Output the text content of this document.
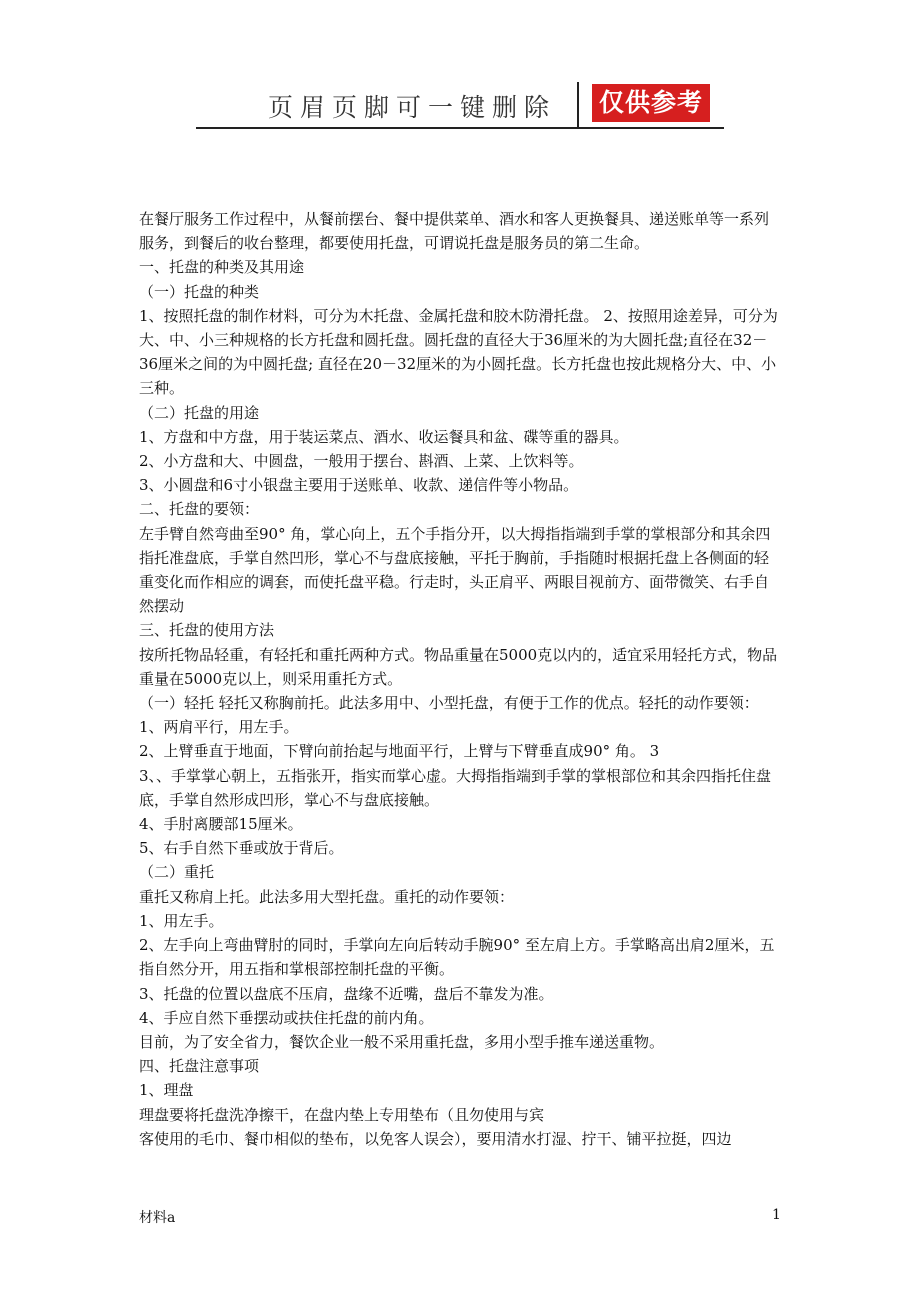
页眉页脚可一键删除 仅供参考

在餐厅服务工作过程中，从餐前摆台、餐中提供菜单、酒水和客人更换餐具、递送账单等一系列服务，到餐后的收台整理，都要使用托盘，可谓说托盘是服务员的第二生命。

一、托盘的种类及其用途

（一）托盘的种类

1、按照托盘的制作材料，可分为木托盘、金属托盘和胶木防滑托盘。 2、按照用途差异，可分为大、中、小三种规格的长方托盘和圆托盘。圆托盘的直径大于36厘米的为大圆托盘;直径在32－36厘米之间的为中圆托盘; 直径在20－32厘米的为小圆托盘。长方托盘也按此规格分大、中、小三种。

（二）托盘的用途

1、方盘和中方盘，用于装运菜点、酒水、收运餐具和盆、碟等重的器具。

2、小方盘和大、中圆盘，一般用于摆台、斟酒、上菜、上饮料等。

3、小圆盘和6寸小银盘主要用于送账单、收款、递信件等小物品。

二、托盘的要领：

左手臂自然弯曲至90° 角，掌心向上，五个手指分开，以大拇指指端到手掌的掌根部分和其余四指托准盘底，手掌自然凹形，掌心不与盘底接触，平托于胸前，手指随时根据托盘上各侧面的轻重变化而作相应的调套，而使托盘平稳。行走时，头正肩平、两眼目视前方、面带微笑、右手自然摆动

三、托盘的使用方法

按所托物品轻重，有轻托和重托两种方式。物品重量在5000克以内的，适宜采用轻托方式，物品重量在5000克以上，则采用重托方式。

（一）轻托 轻托又称胸前托。此法多用中、小型托盘，有便于工作的优点。轻托的动作要领：

1、两肩平行，用左手。

2、上臂垂直于地面，下臂向前抬起与地面平行，上臂与下臂垂直成90° 角。 3

3、、手掌掌心朝上，五指张开，指实而掌心虚。大拇指指端到手掌的掌根部位和其余四指托住盘底，手掌自然形成凹形，掌心不与盘底接触。

4、手肘离腰部15厘米。

5、右手自然下垂或放于背后。

（二）重托

重托又称肩上托。此法多用大型托盘。重托的动作要领：

1、用左手。

2、左手向上弯曲臂肘的同时，手掌向左向后转动手腕90° 至左肩上方。手掌略高出肩2厘米，五指自然分开，用五指和掌根部控制托盘的平衡。

3、托盘的位置以盘底不压肩，盘缘不近嘴，盘后不靠发为准。

4、手应自然下垂摆动或扶住托盘的前内角。

目前，为了安全省力，餐饮企业一般不采用重托盘，多用小型手推车递送重物。

四、托盘注意事项

1、理盘

理盘要将托盘洗净擦干，在盘内垫上专用垫布（且勿使用与宾

客使用的毛巾、餐巾相似的垫布，以免客人误会），要用清水打湿、拧干、铺平拉挺，四边

材料a	1
